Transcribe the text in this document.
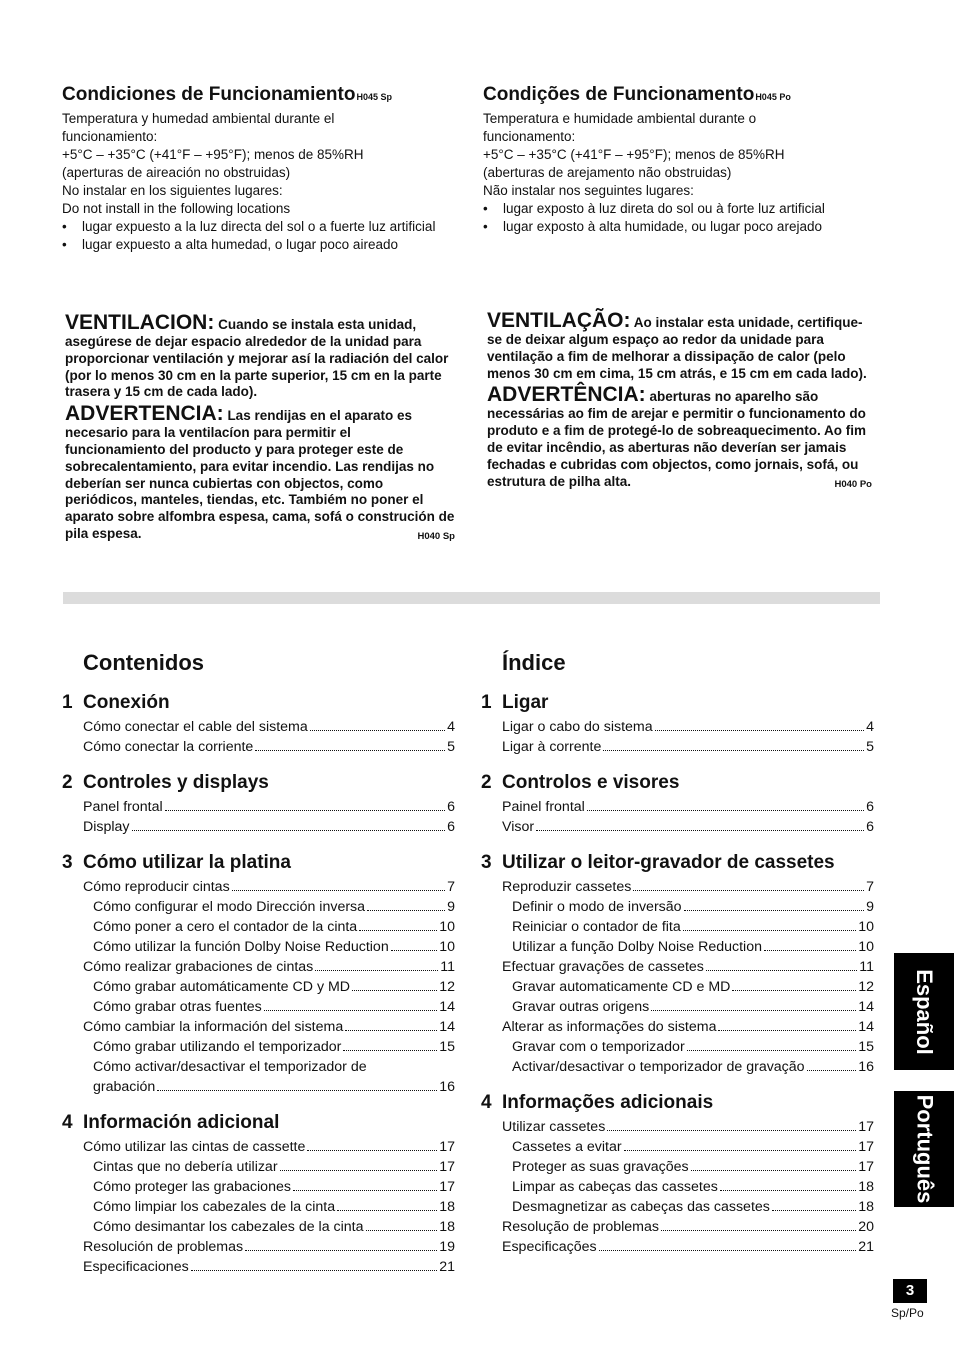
Condiciones de FuncionamientoH045 Sp
Temperatura y humedad ambiental durante el
funcionamiento:
+5°C – +35°C (+41°F – +95°F); menos de 85%RH
(aperturas de aireación no obstruidas)
No instalar en los siguientes lugares:
Do not install in the following locations
• lugar expuesto a la luz directa del sol o a fuerte luz artificial
• lugar expuesto a alta humedad, o lugar poco aireado
Condições de FuncionamentoH045 Po
Temperatura e humidade ambiental durante o
funcionamento:
+5°C – +35°C (+41°F – +95°F); menos de 85%RH
(aberturas de arejamento não obstruidas)
Não instalar nos seguintes lugares:
• lugar exposto à luz direta do sol ou à forte luz artificial
• lugar exposto à alta humidade, ou lugar poco arejado
VENTILACION: Cuando se instala esta unidad, asegúrese de dejar espacio alrededor de la unidad para proporcionar ventilación y mejorar así la radiación del calor (por lo menos 30 cm en la parte superior, 15 cm en la parte trasera y 15 cm de cada lado).
ADVERTENCIA: Las rendijas en el aparato es necesario para la ventilacíon para permitir el funcionamiento del producto y para proteger este de sobrecalentamiento, para evitar incendio. Las rendijas no deberían ser nunca cubiertas con objectos, como periódicos, manteles, tiendas, etc. Tambiém no poner el aparato sobre alfombra espesa, cama, sofá o construción de pila espesa.	H040 Sp
VENTILAÇÃO: Ao instalar esta unidade, certifique-se de deixar algum espaço ao redor da unidade para ventilação a fim de melhorar a dissipação de calor (pelo menos 30 cm em cima, 15 cm atrás, e 15 cm em cada lado).
ADVERTÊNCIA: aberturas no aparelho são necessárias ao fim de arejar e permitir o funcionamento do produto e a fim de protegé-lo de sobreaquecimento. Ao fim de evitar incêndio, as aberturas não deverían ser jamais fechadas e cubridas com objectos, como jornais, sofá, ou estrutura de pilha alta.	H040 Po
Contenidos	Índice
1 Conexión
Cómo conectar el cable del sistema	4
Cómo conectar la corriente	5
2 Controles y displays
Panel frontal	6
Display	6
3 Cómo utilizar la platina
Cómo reproducir cintas	7
Cómo configurar el modo Dirección inversa	9
Cómo poner a cero el contador de la cinta	10
Cómo utilizar la función Dolby Noise Reduction	10
Cómo realizar grabaciones de cintas	11
Cómo grabar automáticamente CD y MD	12
Cómo grabar otras fuentes	14
Cómo cambiar la información del sistema	14
Cómo grabar utilizando el temporizador	15
Cómo activar/desactivar el temporizador de
grabación	16
4 Información adicional
Cómo utilizar las cintas de cassette	17
Cintas que no debería utilizar	17
Cómo proteger las grabaciones	17
Cómo limpiar los cabezales de la cinta	18
Cómo desimantar los cabezales de la cinta	18
Resolución de problemas	19
Especificaciones	21
1 Ligar
Ligar o cabo do sistema	4
Ligar à corrente	5
2 Controlos e visores
Painel frontal	6
Visor	6
3 Utilizar o leitor-gravador de cassetes
Reproduzir cassetes	7
Definir o modo de inversão	9
Reiniciar o contador de fita	10
Utilizar a função Dolby Noise Reduction	10
Efectuar gravações de cassetes	11
Gravar automaticamente CD e MD	12
Gravar outras origens	14
Alterar as informações do sistema	14
Gravar com o temporizador	15
Activar/desactivar o temporizador de gravação	16
4 Informações adicionais
Utilizar cassetes	17
Cassetes a evitar	17
Proteger as suas gravações	17
Limpar as cabeças das cassetes	18
Desmagnetizar as cabeças das cassetes	18
Resolução de problemas	20
Especificações	21
Español
Português
3
Sp/Po
